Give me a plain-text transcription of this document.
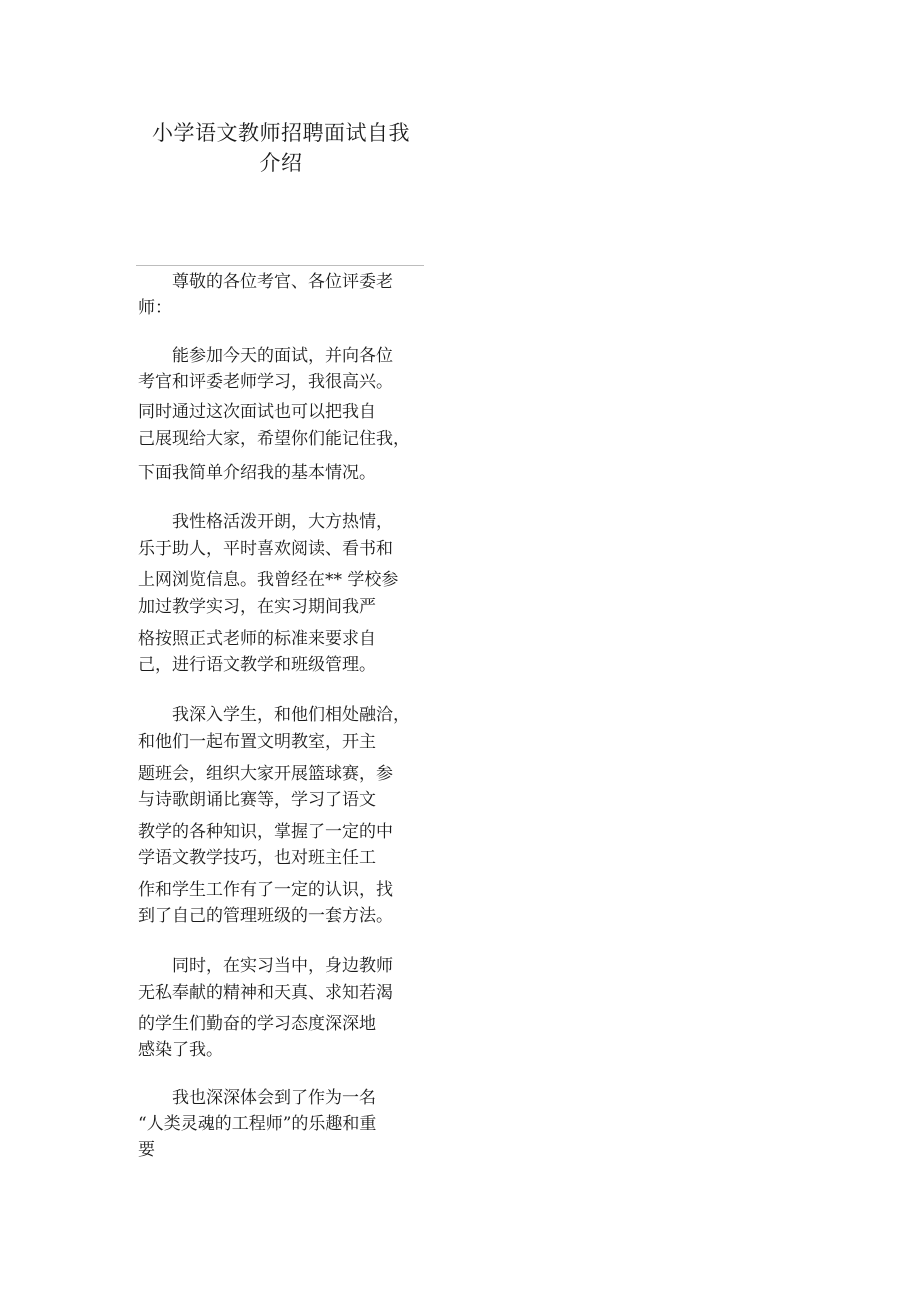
小学语文教师招聘面试自我
介绍

尊敬的各位考官、各位评委老

师：

能参加今天的面试，并向各位

考官和评委老师学习，我很高兴。

同时通过这次面试也可以把我自

己展现给大家，希望你们能记住我，

下面我简单介绍我的基本情况。

我性格活泼开朗，大方热情，

乐于助人，平时喜欢阅读、看书和

上网浏览信息。我曾经在** 学校参

加过教学实习，在实习期间我严

格按照正式老师的标准来要求自

己，进行语文教学和班级管理。

我深入学生，和他们相处融洽，

和他们一起布置文明教室，开主

题班会，组织大家开展篮球赛，参

与诗歌朗诵比赛等，学习了语文

教学的各种知识，掌握了一定的中

学语文教学技巧，也对班主任工

作和学生工作有了一定的认识，找

到了自己的管理班级的一套方法。

同时，在实习当中，身边教师

无私奉献的精神和天真、求知若渴

的学生们勤奋的学习态度深深地

感染了我。

我也深深体会到了作为一名

“人类灵魂的工程师”的乐趣和重

要
